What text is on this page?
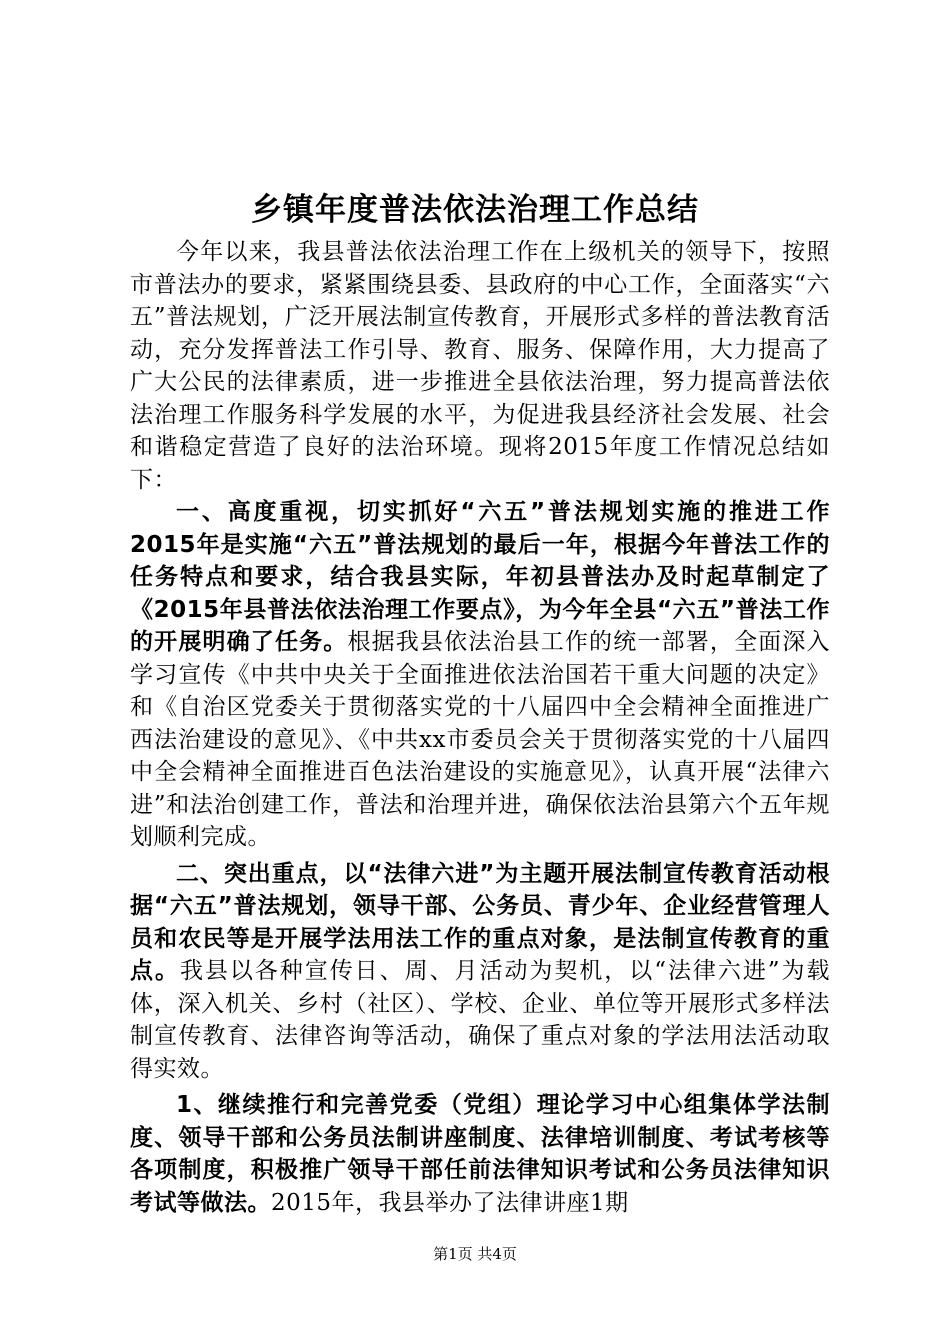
乡镇年度普法依法治理工作总结

今年以来，我县普法依法治理工作在上级机关的领导下，按照市普法办的要求，紧紧围绕县委、县政府的中心工作，全面落实“六五”普法规划，广泛开展法制宣传教育，开展形式多样的普法教育活动，充分发挥普法工作引导、教育、服务、保障作用，大力提高了广大公民的法律素质，进一步推进全县依法治理，努力提高普法依法治理工作服务科学发展的水平，为促进我县经济社会发展、社会和谐稳定营造了良好的法治环境。现将2015年度工作情况总结如下：

一、高度重视，切实抓好“六五”普法规划实施的推进工作2015年是实施“六五”普法规划的最后一年，根据今年普法工作的任务特点和要求，结合我县实际，年初县普法办及时起草制定了《2015年县普法依法治理工作要点》，为今年全县“六五”普法工作的开展明确了任务。根据我县依法治县工作的统一部署，全面深入学习宣传《中共中央关于全面推进依法治国若干重大问题的决定》和《自治区党委关于贯彻落实党的十八届四中全会精神全面推进广西法治建设的意见》、《中共xx市委员会关于贯彻落实党的十八届四中全会精神全面推进百色法治建设的实施意见》，认真开展“法律六进”和法治创建工作，普法和治理并进，确保依法治县第六个五年规划顺利完成。

二、突出重点，以“法律六进”为主题开展法制宣传教育活动根据“六五”普法规划，领导干部、公务员、青少年、企业经营管理人员和农民等是开展学法用法工作的重点对象，是法制宣传教育的重点。我县以各种宣传日、周、月活动为契机，以“法律六进”为载体，深入机关、乡村（社区）、学校、企业、单位等开展形式多样法制宣传教育、法律咨询等活动，确保了重点对象的学法用法活动取得实效。

1、继续推行和完善党委（党组）理论学习中心组集体学法制度、领导干部和公务员法制讲座制度、法律培训制度、考试考核等各项制度，积极推广领导干部任前法律知识考试和公务员法律知识考试等做法。2015年，我县举办了法律讲座1期

第1页 共4页
